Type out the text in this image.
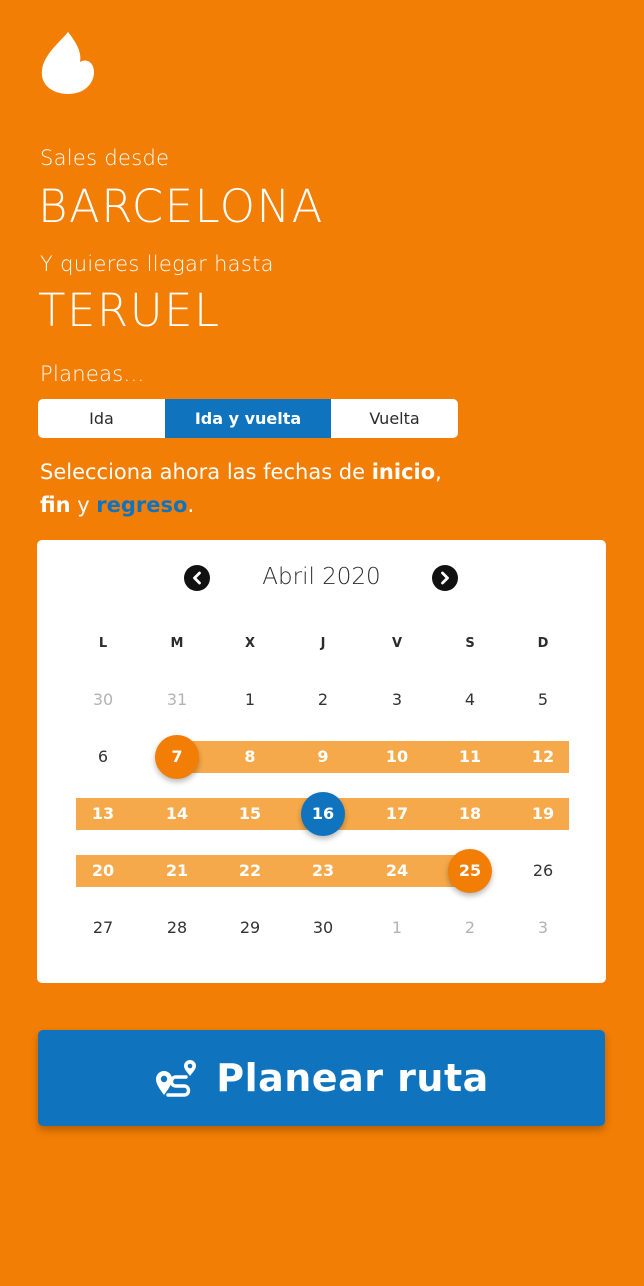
Sales desde
BARCELONA
Y quieres llegar hasta
TERUEL
Planeas...
Ida	Ida y vuelta	Vuelta
Selecciona ahora las fechas de inicio,
fin y regreso.
Abril 2020
L	M	X	J	V	S	D
30	31	1	2	3	4	5
6	7	8	9	10	11	12
13	14	15	16	17	18	19
20	21	22	23	24	25	26
27	28	29	30	1	2	3
Planear ruta
